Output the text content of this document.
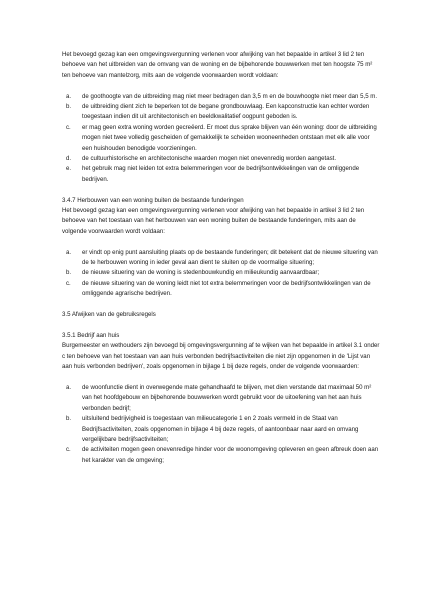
Het bevoegd gezag kan een omgevingsvergunning verlenen voor afwijking van het bepaalde in artikel 3 lid 2 ten behoeve van het uitbreiden van de omvang van de woning en de bijbehorende bouwwerken met ten hoogste 75 m² ten behoeve van mantelzorg, mits aan de volgende voorwaarden wordt voldaan:

a.	de goothoogte van de uitbreiding mag niet meer bedragen dan 3,5 m en de bouwhoogte niet meer dan 5,5 m.
b.	de uitbreiding dient zich te beperken tot de begane grondbouwlaag. Een kapconstructie kan echter worden toegestaan indien dit uit architectonisch en beeldkwalitatief oogpunt geboden is.
c.	er mag geen extra woning worden gecreëerd. Er moet dus sprake blijven van één woning: door de uitbreiding mogen niet twee volledig gescheiden of gemakkelijk te scheiden wooneenheden ontstaan met elk alle voor een huishouden benodigde voorzieningen.
d.	de cultuurhistorische en architectonische waarden mogen niet onevenredig worden aangetast.
e.	het gebruik mag niet leiden tot extra belemmeringen voor de bedrijfsontwikkelingen van de omliggende bedrijven.

3.4.7 Herbouwen van een woning buiten de bestaande funderingen

Het bevoegd gezag kan een omgevingsvergunning verlenen voor afwijking van het bepaalde in artikel 3 lid 2 ten behoeve van het toestaan van het herbouwen van een woning buiten de bestaande funderingen, mits aan de volgende voorwaarden wordt voldaan:

a.	er vindt op enig punt aansluiting plaats op de bestaande funderingen; dit betekent dat de nieuwe situering van de te herbouwen woning in ieder geval aan dient te sluiten op de voormalige situering;
b.	de nieuwe situering van de woning is stedenbouwkundig en milieukundig aanvaardbaar;
c.	de nieuwe situering van de woning leidt niet tot extra belemmeringen voor de bedrijfsontwikkelingen van de omliggende agrarische bedrijven.

3.5 Afwijken van de gebruiksregels

3.5.1 Bedrijf aan huis

Burgemeester en wethouders zijn bevoegd bij omgevingsvergunning af te wijken van het bepaalde in artikel 3.1 onder c ten behoeve van het toestaan van aan huis verbonden bedrijfsactiviteiten die niet zijn opgenomen in de 'Lijst van aan huis verbonden bedrijven', zoals opgenomen in bijlage 1 bij deze regels, onder de volgende voorwaarden:

a.	de woonfunctie dient in overwegende mate gehandhaafd te blijven, met dien verstande dat maximaal 50 m² van het hoofdgebouw en bijbehorende bouwwerken wordt gebruikt voor de uitoefening van het aan huis verbonden bedrijf;
b.	uitsluitend bedrijvigheid is toegestaan van milieucategorie 1 en 2 zoals vermeld in de Staat van Bedrijfsactiviteiten, zoals opgenomen in bijlage 4 bij deze regels, of aantoonbaar naar aard en omvang vergelijkbare bedrijfsactiviteiten;
c.	de activiteiten mogen geen onevenredige hinder voor de woonomgeving opleveren en geen afbreuk doen aan het karakter van de omgeving;
